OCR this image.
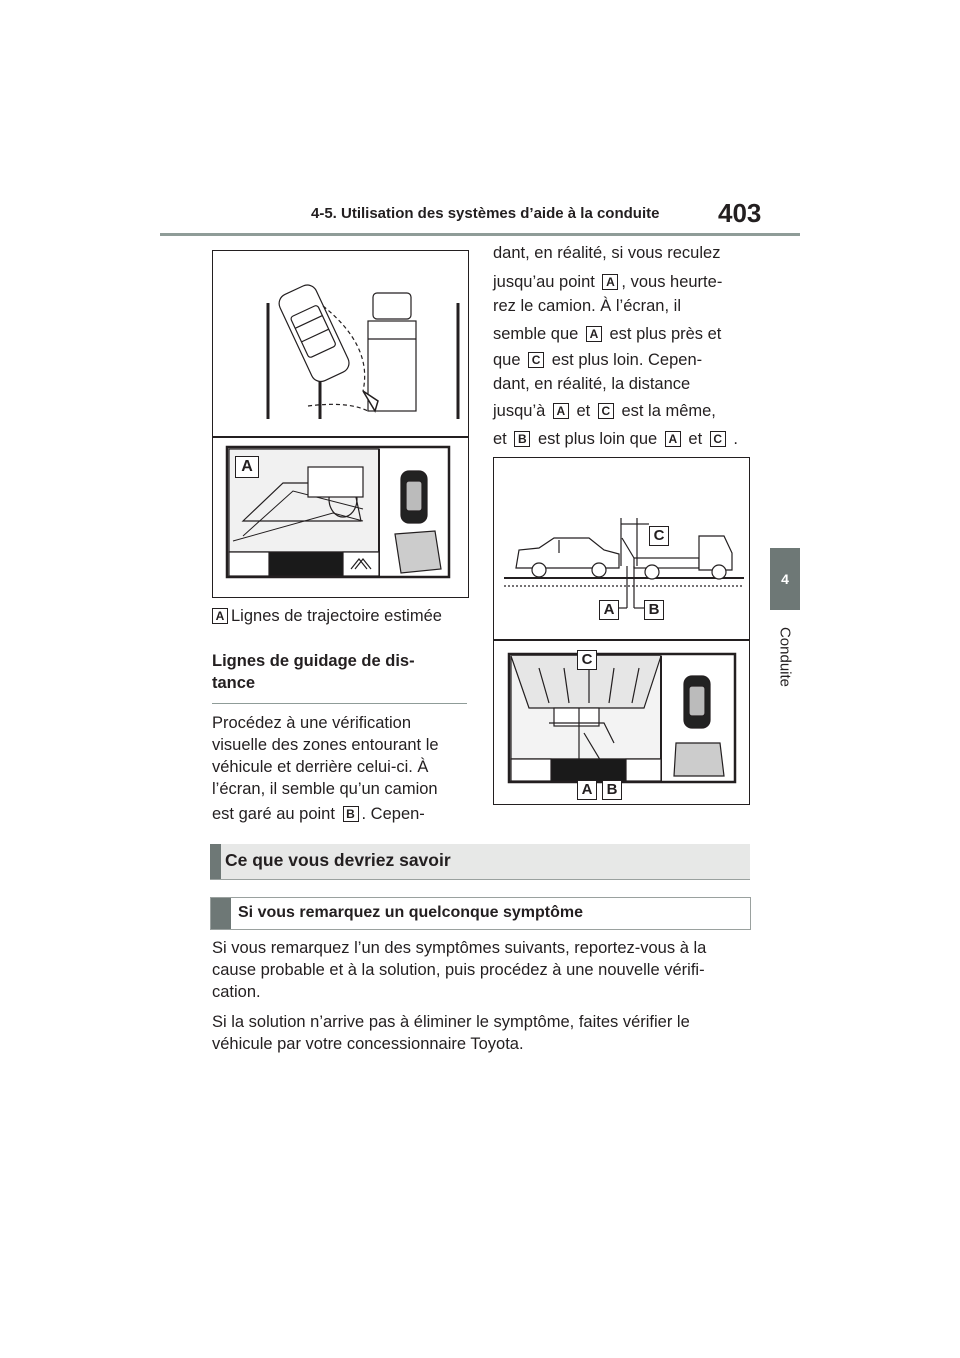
4-5. Utilisation des systèmes d’aide à la conduite 403
4
Conduite
A
A Lignes de trajectoire estimée
Lignes de guidage de dis-
tance
Procédez à une vérification
visuelle des zones entourant le
véhicule et derrière celui-ci. À
l’écran, il semble qu’un camion
est garé au point B . Cepen-
dant, en réalité, si vous reculez
jusqu’au point A , vous heurte-
rez le camion. À l’écran, il
semble que A est plus près et
que C est plus loin. Cepen-
dant, en réalité, la distance
jusqu’à A et C est la même,
et B est plus loin que A et C .
C
A	B
C
A B
Ce que vous devriez savoir
Si vous remarquez un quelconque symptôme
Si vous remarquez l’un des symptômes suivants, reportez-vous à la
cause probable et à la solution, puis procédez à une nouvelle vérifi-
cation.
Si la solution n’arrive pas à éliminer le symptôme, faites vérifier le
véhicule par votre concessionnaire Toyota.
